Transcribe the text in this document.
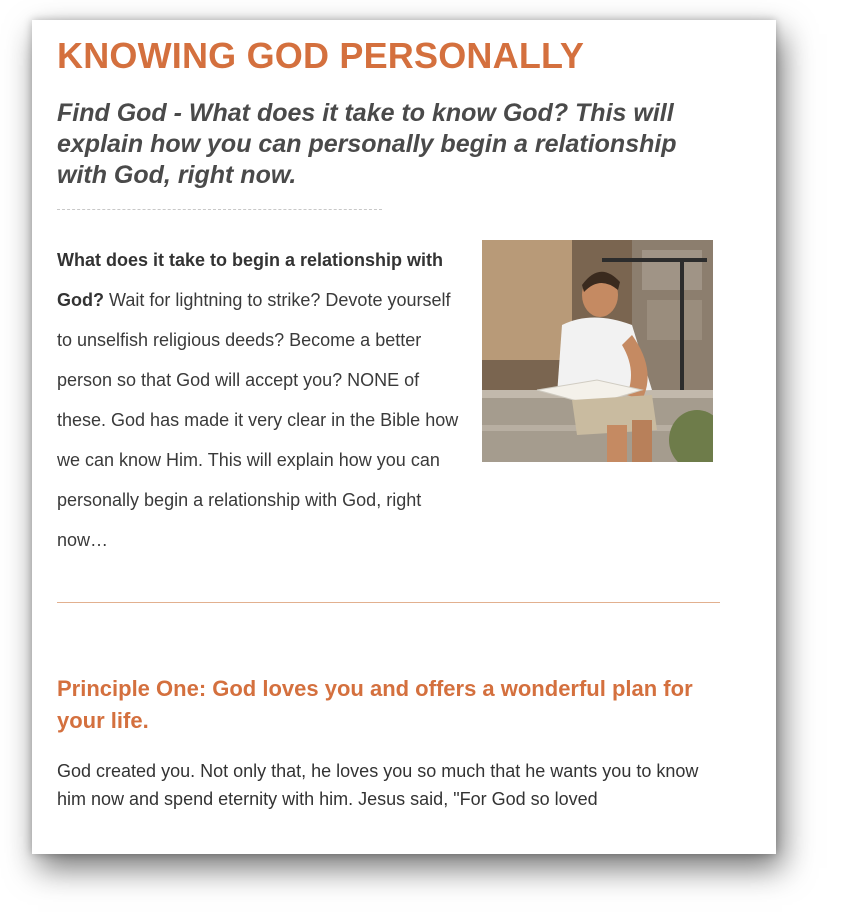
KNOWING GOD PERSONALLY
Find God - What does it take to know God? This will explain how you can personally begin a relationship with God, right now.

What does it take to begin a relationship with God? Wait for lightning to strike? Devote yourself to unselfish religious deeds? Become a better person so that God will accept you? NONE of these. God has made it very clear in the Bible how we can know Him. This will explain how you can personally begin a relationship with God, right now…

Principle One: God loves you and offers a wonderful plan for your life.

God created you. Not only that, he loves you so much that he wants you to know him now and spend eternity with him. Jesus said, "For God so loved
